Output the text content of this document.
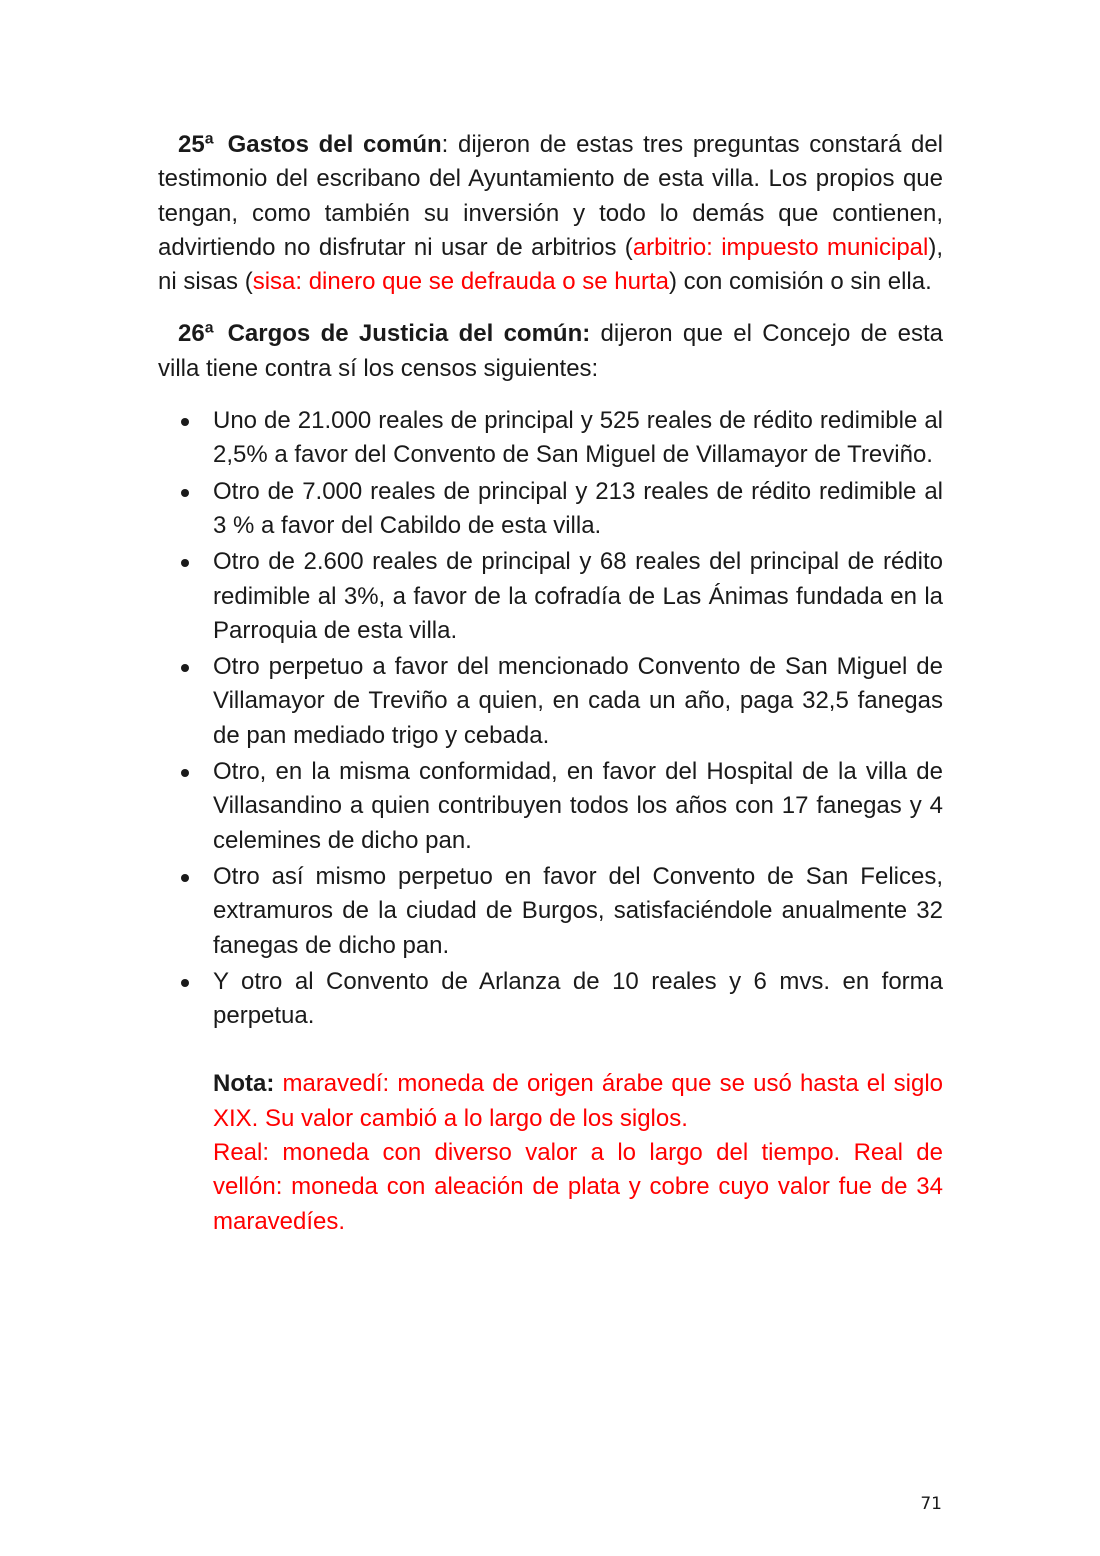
25ª Gastos del común: dijeron de estas tres preguntas constará del testimonio del escribano del Ayuntamiento de esta villa. Los propios que tengan, como también su inversión y todo lo demás que contienen, advirtiendo no disfrutar ni usar de arbitrios (arbitrio: impuesto municipal), ni sisas (sisa: dinero que se defrauda o se hurta) con comisión o sin ella.

26ª Cargos de Justicia del común: dijeron que el Concejo de esta villa tiene contra sí los censos siguientes:

Uno de 21.000 reales de principal y 525 reales de rédito redimible al 2,5% a favor del Convento de San Miguel de Villamayor de Treviño.
Otro de 7.000 reales de principal y 213 reales de rédito redimible al 3 % a favor del Cabildo de esta villa.
Otro de 2.600 reales de principal y 68 reales del principal de rédito redimible al 3%, a favor de la cofradía de Las Ánimas fundada en la Parroquia de esta villa.
Otro perpetuo a favor del mencionado Convento de San Miguel de Villamayor de Treviño a quien, en cada un año, paga 32,5 fanegas de pan mediado trigo y cebada.
Otro, en la misma conformidad, en favor del Hospital de la villa de Villasandino a quien contribuyen todos los años con 17 fanegas y 4 celemines de dicho pan.
Otro así mismo perpetuo en favor del Convento de San Felices, extramuros de la ciudad de Burgos, satisfaciéndole anualmente 32 fanegas de dicho pan.
Y otro al Convento de Arlanza de 10 reales y 6 mvs. en forma perpetua.
Nota: maravedí: moneda de origen árabe que se usó hasta el siglo XIX. Su valor cambió a lo largo de los siglos.
Real: moneda con diverso valor a lo largo del tiempo. Real de vellón: moneda con aleación de plata y cobre cuyo valor fue de 34 maravedíes.
71
